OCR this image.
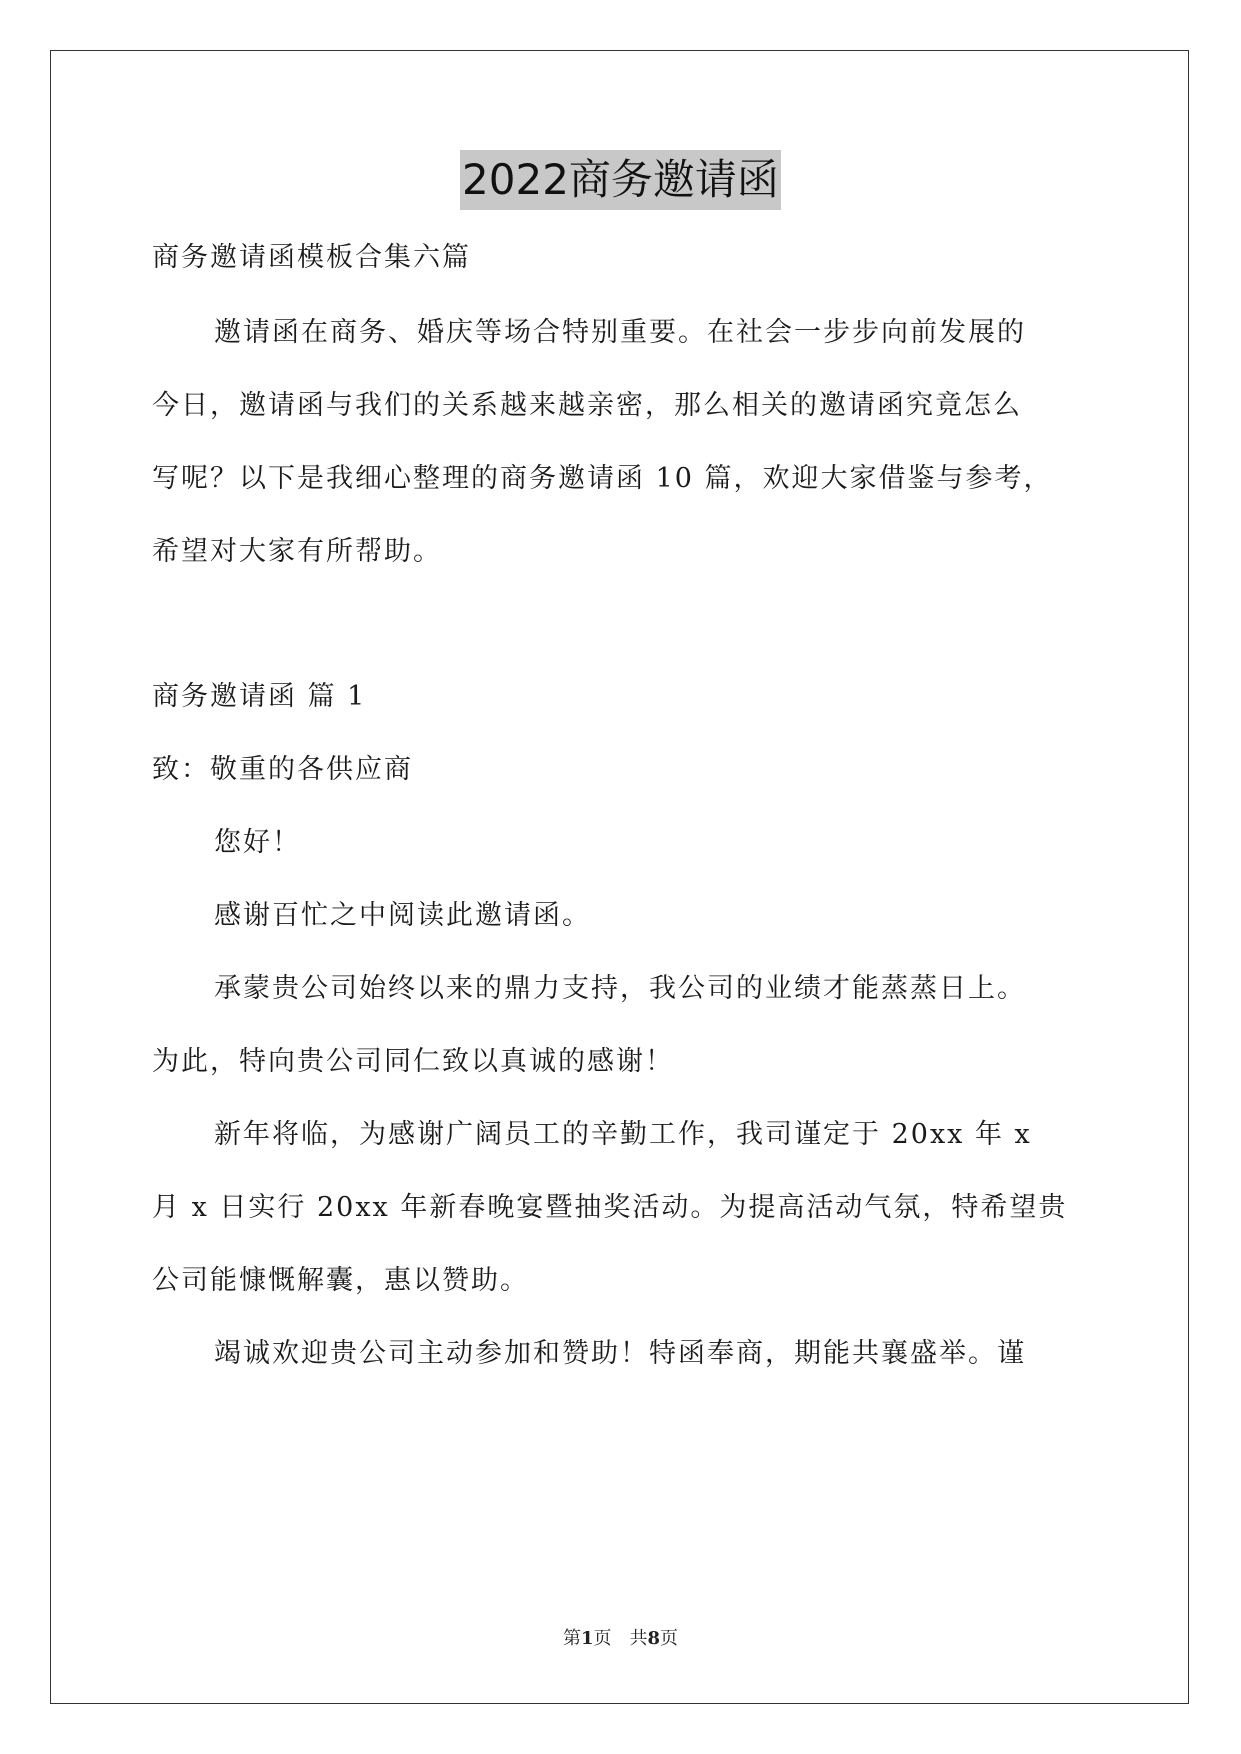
2022商务邀请函
商务邀请函模板合集六篇
邀请函在商务、婚庆等场合特别重要。在社会一步步向前发展的
今日，邀请函与我们的关系越来越亲密，那么相关的邀请函究竟怎么
写呢？以下是我细心整理的商务邀请函 10 篇，欢迎大家借鉴与参考，
希望对大家有所帮助。
商务邀请函 篇 1
致：敬重的各供应商
您好！
感谢百忙之中阅读此邀请函。
承蒙贵公司始终以来的鼎力支持，我公司的业绩才能蒸蒸日上。
为此，特向贵公司同仁致以真诚的感谢！
新年将临，为感谢广阔员工的辛勤工作，我司谨定于 20xx 年 x
月 x 日实行 20xx 年新春晚宴暨抽奖活动。为提高活动气氛，特希望贵
公司能慷慨解囊，惠以赞助。
竭诚欢迎贵公司主动参加和赞助！特函奉商，期能共襄盛举。谨
第1页　共8页
